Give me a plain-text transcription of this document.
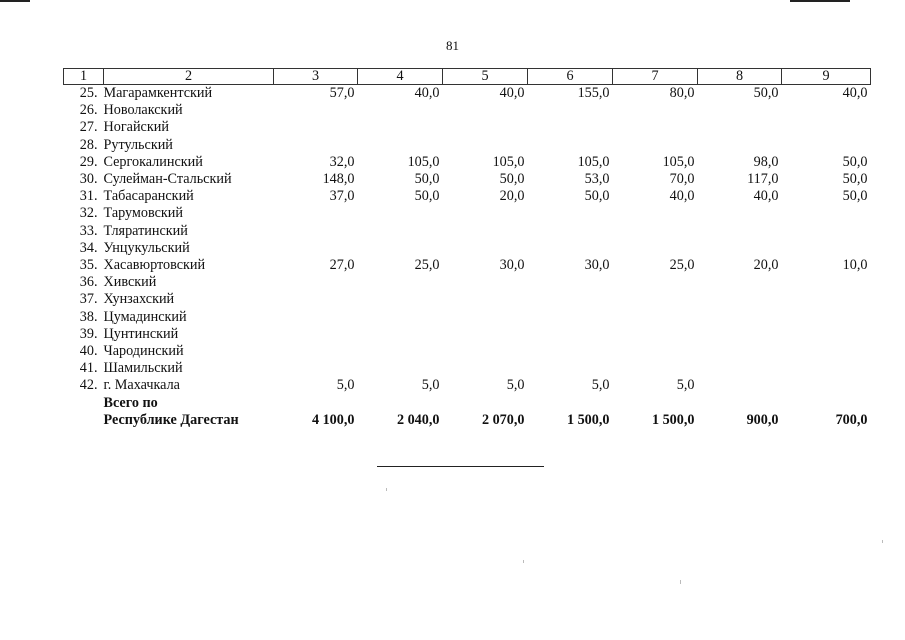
81
1	2	3	4	5	6	7	8	9
25.	Магарамкентский	57,0	40,0	40,0	155,0	80,0	50,0	40,0
26.	Новолакский							
27.	Ногайский							
28.	Рутульский							
29.	Сергокалинский	32,0	105,0	105,0	105,0	105,0	98,0	50,0
30.	Сулейман-Стальский	148,0	50,0	50,0	53,0	70,0	117,0	50,0
31.	Табасаранский	37,0	50,0	20,0	50,0	40,0	40,0	50,0
32.	Тарумовский							
33.	Тляратинский							
34.	Унцукульский							
35.	Хасавюртовский	27,0	25,0	30,0	30,0	25,0	20,0	10,0
36.	Хивский							
37.	Хунзахский							
38.	Цумадинский							
39.	Цунтинский							
40.	Чародинский							
41.	Шамильский							
42.	г. Махачкала	5,0	5,0	5,0	5,0	5,0		
	Всего по							
	Республике Дагестан	4 100,0	2 040,0	2 070,0	1 500,0	1 500,0	900,0	700,0
